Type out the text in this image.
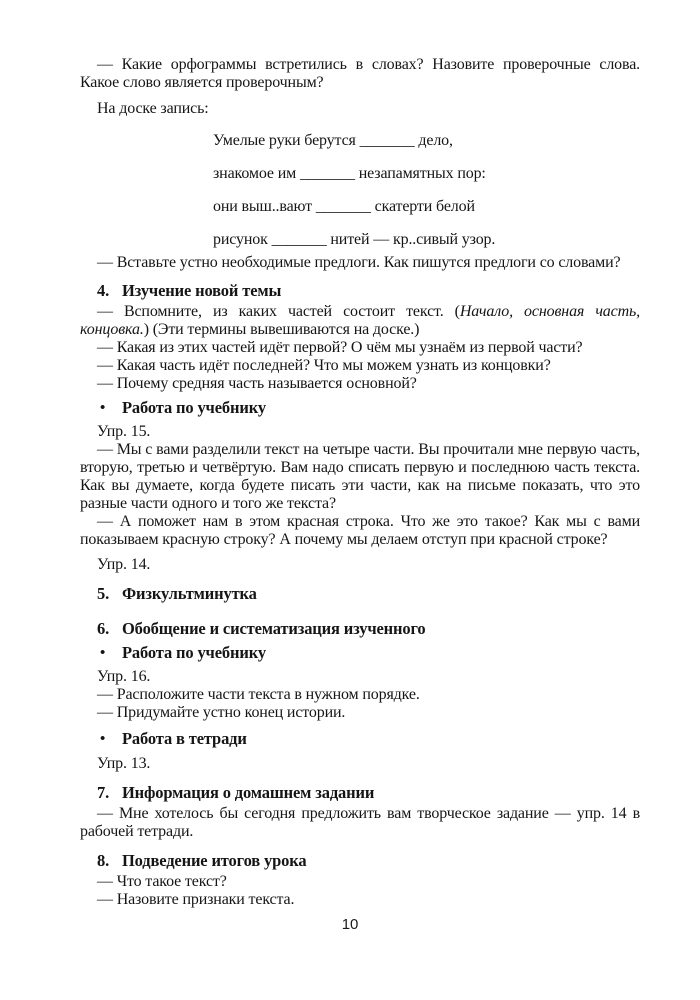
— Какие орфограммы встретились в словах? Назовите проверочные слова. Какое слово является проверочным?

На доске запись:

Умелые руки берутся _______ дело,
знакомое им _______ незапамятных пор:
они выш..вают _______ скатерти белой
рисунок _______ нитей — кр..сивый узор.

— Вставьте устно необходимые предлоги. Как пишутся предлоги со словами?

4. Изучение новой темы

— Вспомните, из каких частей состоит текст. (Начало, основная часть, концовка.) (Эти термины вывешиваются на доске.)

— Какая из этих частей идёт первой? О чём мы узнаём из первой части?

— Какая часть идёт последней? Что мы можем узнать из концовки?

— Почему средняя часть называется основной?

•	Работа по учебнику

Упр. 15.

— Мы с вами разделили текст на четыре части. Вы прочитали мне первую часть, вторую, третью и четвёртую. Вам надо списать первую и последнюю часть текста. Как вы думаете, когда будете писать эти части, как на письме показать, что это разные части одного и того же текста?

— А поможет нам в этом красная строка. Что же это такое? Как мы с вами показываем красную строку? А почему мы делаем отступ при красной строке?

Упр. 14.

5. Физкультминутка
6. Обобщение и систематизация изученного
•	Работа по учебнику

Упр. 16.

— Расположите части текста в нужном порядке.

— Придумайте устно конец истории.

•	Работа в тетради

Упр. 13.

7. Информация о домашнем задании

— Мне хотелось бы сегодня предложить вам творческое задание — упр. 14 в рабочей тетради.

8. Подведение итогов урока

— Что такое текст?

— Назовите признаки текста.

10
